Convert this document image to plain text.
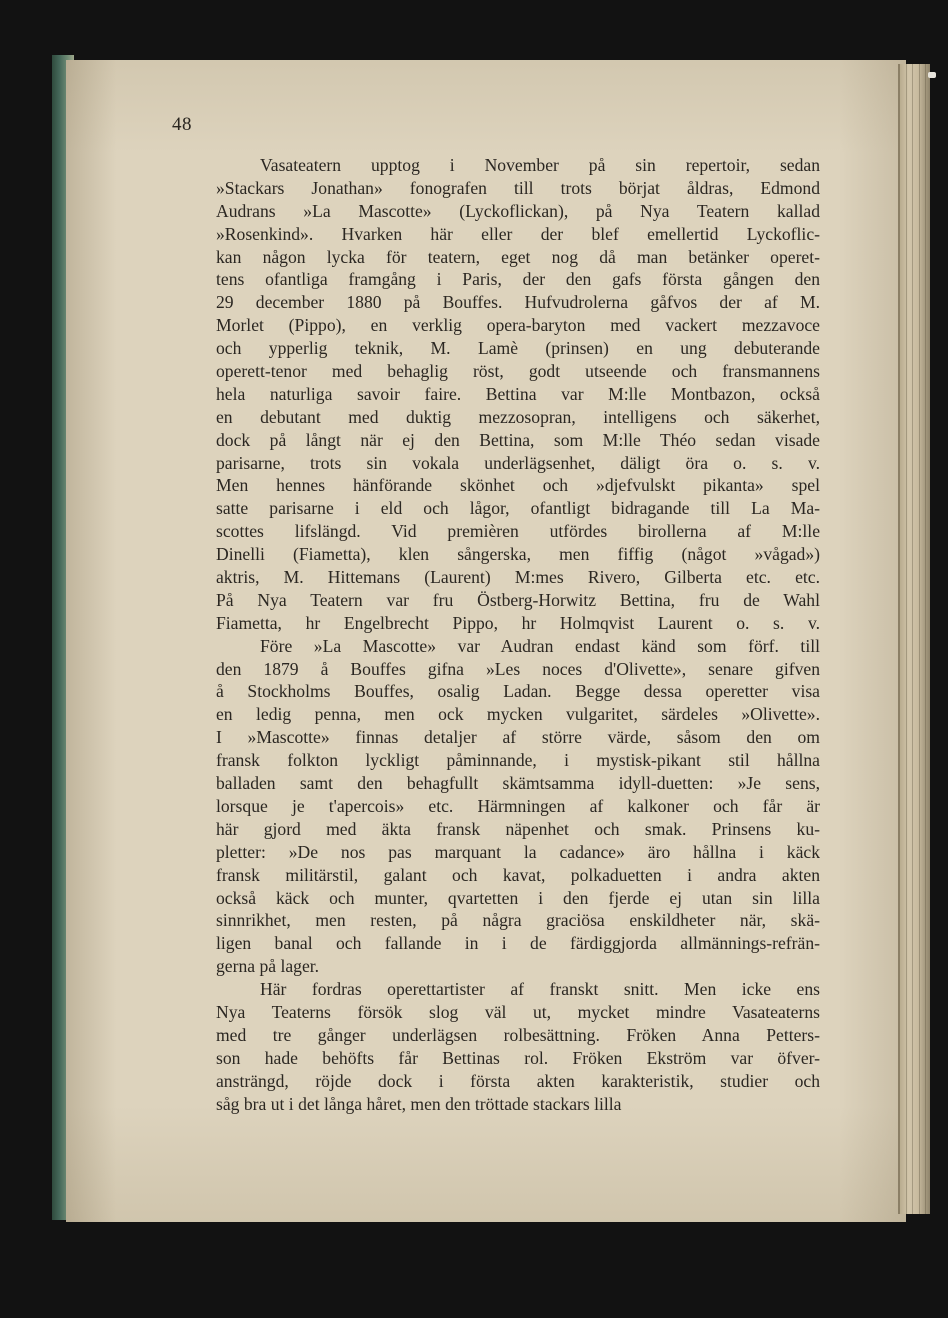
48
Vasateatern upptog i November på sin repertoir, sedan
»Stackars Jonathan» fonografen till trots börjat åldras, Edmond
Audrans »La Mascotte» (Lyckoflickan), på Nya Teatern kallad
»Rosenkind». Hvarken här eller der blef emellertid Lyckoflic-
kan någon lycka för teatern, eget nog då man betänker operet-
tens ofantliga framgång i Paris, der den gafs första gången den
29 december 1880 på Bouffes. Hufvudrolerna gåfvos der af M.
Morlet (Pippo), en verklig opera-baryton med vackert mezzavoce
och ypperlig teknik, M. Lamè (prinsen) en ung debuterande
operett-tenor med behaglig röst, godt utseende och fransmannens
hela naturliga savoir faire. Bettina var M:lle Montbazon, också
en debutant med duktig mezzosopran, intelligens och säkerhet,
dock på långt när ej den Bettina, som M:lle Théo sedan visade
parisarne, trots sin vokala underlägsenhet, däligt öra o. s. v.
Men hennes hänförande skönhet och »djefvulskt pikanta» spel
satte parisarne i eld och lågor, ofantligt bidragande till La Ma-
scottes lifslängd. Vid premièren utfördes birollerna af M:lle
Dinelli (Fiametta), klen sångerska, men fiffig (något »vågad»)
aktris, M. Hittemans (Laurent) M:mes Rivero, Gilberta etc. etc.
På Nya Teatern var fru Östberg-Horwitz Bettina, fru de Wahl
Fiametta, hr Engelbrecht Pippo, hr Holmqvist Laurent o. s. v.
Före »La Mascotte» var Audran endast känd som förf. till
den 1879 å Bouffes gifna »Les noces d'Olivette», senare gifven
å Stockholms Bouffes, osalig Ladan. Begge dessa operetter visa
en ledig penna, men ock mycken vulgaritet, särdeles »Olivette».
I »Mascotte» finnas detaljer af större värde, såsom den om
fransk folkton lyckligt påminnande, i mystisk-pikant stil hållna
balladen samt den behagfullt skämtsamma idyll-duetten: »Je sens,
lorsque je t'apercois» etc. Härmningen af kalkoner och får är
här gjord med äkta fransk näpenhet och smak. Prinsens ku-
pletter: »De nos pas marquant la cadance» äro hållna i käck
fransk militärstil, galant och kavat, polkaduetten i andra akten
också käck och munter, qvartetten i den fjerde ej utan sin lilla
sinnrikhet, men resten, på några graciösa enskildheter när, skä-
ligen banal och fallande in i de färdiggjorda allmännings-refrän-
gerna på lager.
Här fordras operettartister af franskt snitt. Men icke ens
Nya Teaterns försök slog väl ut, mycket mindre Vasateaterns
med tre gånger underlägsen rolbesättning. Fröken Anna Petters-
son hade behöfts får Bettinas rol. Fröken Ekström var öfver-
ansträngd, röjde dock i första akten karakteristik, studier och
såg bra ut i det långa håret, men den tröttade stackars lilla
